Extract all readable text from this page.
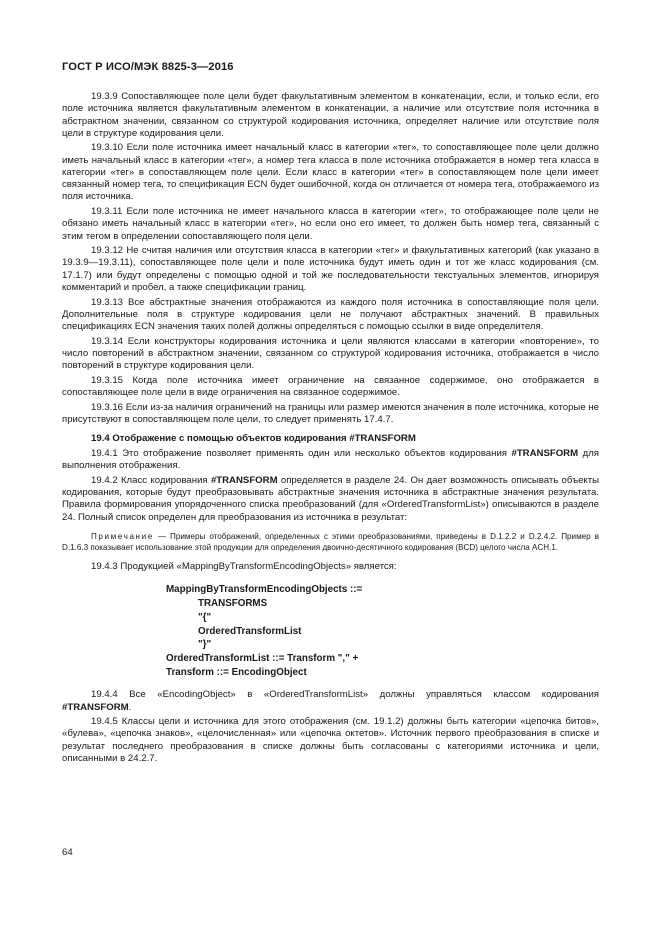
ГОСТ Р ИСО/МЭК 8825-3—2016

19.3.9 Сопоставляющее поле цели будет факультативным элементом в конкатенации, если, и только если, его поле источника является факультативным элементом в конкатенации, а наличие или отсутствие поля источника в абстрактном значении, связанном со структурой кодирования источника, определяет наличие или отсутствие поля цели в структуре кодирования цели.

19.3.10 Если поле источника имеет начальный класс в категории «тег», то сопоставляющее поле цели должно иметь начальный класс в категории «тег», а номер тега класса в поле источника отображается в номер тега класса в категории «тег» в сопоставляющем поле цели. Если класс в категории «тег» в сопоставляющем поле цели имеет связанный номер тега, то спецификация ECN будет ошибочной, когда он отличается от номера тега, отображаемого из поля источника.

19.3.11 Если поле источника не имеет начального класса в категории «тег», то отображающее поле цели не обязано иметь начальный класс в категории «тег», но если оно его имеет, то должен быть номер тега, связанный с этим тегом в определении сопоставляющего поля цели.

19.3.12 Не считая наличия или отсутствия класса в категории «тег» и факультативных категорий (как указано в 19.3.9—19.3.11), сопоставляющее поле цели и поле источника будут иметь один и тот же класс кодирования (см. 17.1.7) или будут определены с помощью одной и той же последовательности текстуальных элементов, игнорируя комментарий и пробел, а также спецификации границ.

19.3.13 Все абстрактные значения отображаются из каждого поля источника в сопоставляющие поля цели. Дополнительные поля в структуре кодирования цели не получают абстрактных значений. В правильных спецификациях ECN значения таких полей должны определяться с помощью ссылки в виде определителя.

19.3.14 Если конструкторы кодирования источника и цели являются классами в категории «повторение», то число повторений в абстрактном значении, связанном со структурой кодирования источника, отображается в число повторений в структуре кодирования цели.

19.3.15 Когда поле источника имеет ограничение на связанное содержимое, оно отображается в сопоставляющее поле цели в виде ограничения на связанное содержимое.

19.3.16 Если из-за наличия ограничений на границы или размер имеются значения в поле источника, которые не присутствуют в сопоставляющем поле цели, то следует применять 17.4.7.

19.4 Отображение с помощью объектов кодирования #TRANSFORM

19.4.1 Это отображение позволяет применять один или несколько объектов кодирования #TRANSFORM для выполнения отображения.

19.4.2 Класс кодирования #TRANSFORM определяется в разделе 24. Он дает возможность описывать объекты кодирования, которые будут преобразовывать абстрактные значения источника в абстрактные значения результата. Правила формирования упорядоченного списка преобразований (для «OrderedTransformList») описываются в разделе 24. Полный список определен для преобразования из источника в результат:

Примечание — Примеры отображений, определенных с этими преобразованиями, приведены в D.1.2.2 и D.2.4.2. Пример в D.1.6.3 показывает использование этой продукции для определения двоично-десятичного кодирования (BCD) целого числа ACH.1.

19.4.3 Продукцией «MappingByTransformEncodingObjects» является:

MappingByTransformEncodingObjects ::=
TRANSFORMS
"{"
OrderedTransformList
"}"
OrderedTransformList ::= Transform "," +
Transform ::= EncodingObject

19.4.4 Все «EncodingObject» в «OrderedTransformList» должны управляться классом кодирования #TRANSFORM.

19.4.5 Классы цели и источника для этого отображения (см. 19.1.2) должны быть категории «цепочка битов», «булева», «цепочка знаков», «целочисленная» или «цепочка октетов». Источник первого преобразования в списке и результат последнего преобразования в списке должны быть согласованы с категориями источника и цели, описанными в 24.2.7.

64
